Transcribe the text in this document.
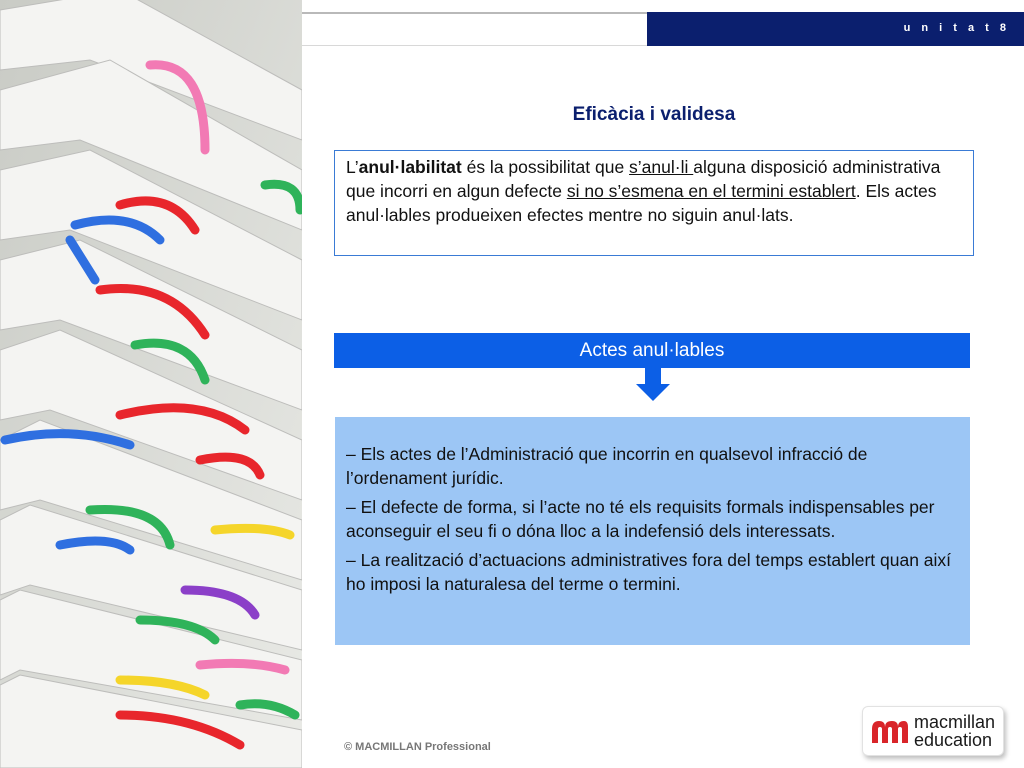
u n i t a t 8
Eficàcia i validesa
L’anul·labilitat és la possibilitat que s’anul·li alguna disposició administrativa que incorri en algun defecte si no s’esmena en el termini establert. Els actes anul·lables produeixen efectes mentre no siguin anul·lats.
Actes anul·lables
– Els actes de l’Administració que incorrin en qualsevol infracció de l’ordenament jurídic.
– El defecte de forma, si l’acte no té els requisits formals indispensables per aconseguir el seu fi o dóna lloc a la indefensió dels interessats.
– La realització d’actuacions administratives fora del temps establert quan així ho imposi la naturalesa del terme o termini.
© MACMILLAN Professional
macmillan
education
